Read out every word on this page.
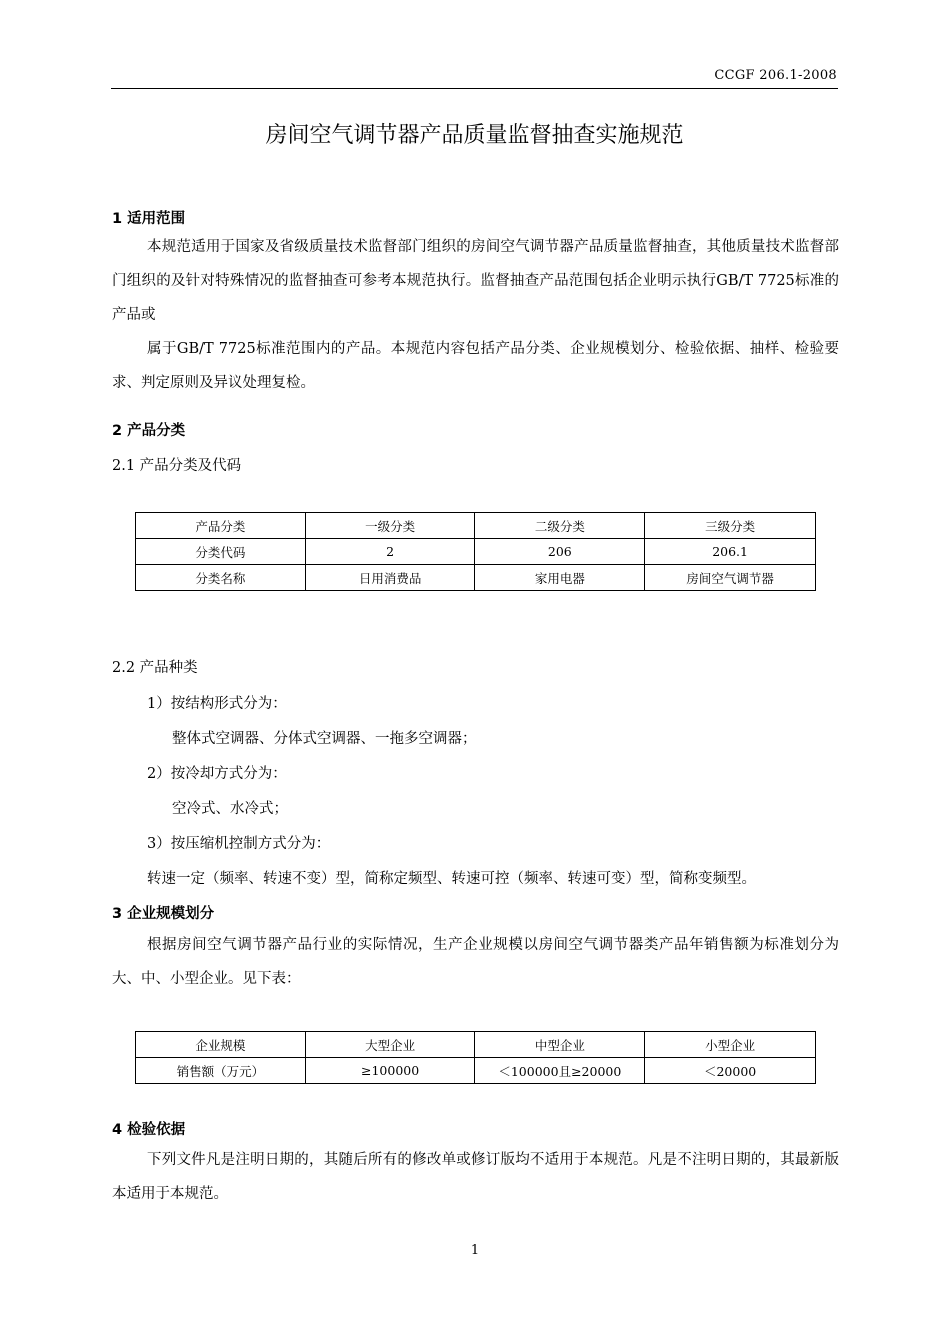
CCGF 206.1-2008
房间空气调节器产品质量监督抽查实施规范
1 适用范围
本规范适用于国家及省级质量技术监督部门组织的房间空气调节器产品质量监督抽查，其他质量技术监督部门组织的及针对特殊情况的监督抽查可参考本规范执行。监督抽查产品范围包括企业明示执行GB/T 7725标准的产品或
属于GB/T 7725标准范围内的产品。本规范内容包括产品分类、企业规模划分、检验依据、抽样、检验要求、判定原则及异议处理复检。
2 产品分类
2.1 产品分类及代码
产品分类	一级分类	二级分类	三级分类
分类代码	2	206	206.1
分类名称	日用消费品	家用电器	房间空气调节器
2.2 产品种类
1）按结构形式分为：
整体式空调器、分体式空调器、一拖多空调器；
2）按冷却方式分为：
空冷式、水冷式；
3）按压缩机控制方式分为：
转速一定（频率、转速不变）型，简称定频型、转速可控（频率、转速可变）型，简称变频型。
3 企业规模划分
根据房间空气调节器产品行业的实际情况，生产企业规模以房间空气调节器类产品年销售额为标准划分为大、中、小型企业。见下表：
企业规模	大型企业	中型企业	小型企业
销售额（万元）	≥100000	＜100000且≥20000	＜20000
4 检验依据
下列文件凡是注明日期的，其随后所有的修改单或修订版均不适用于本规范。凡是不注明日期的，其最新版本适用于本规范。
1
